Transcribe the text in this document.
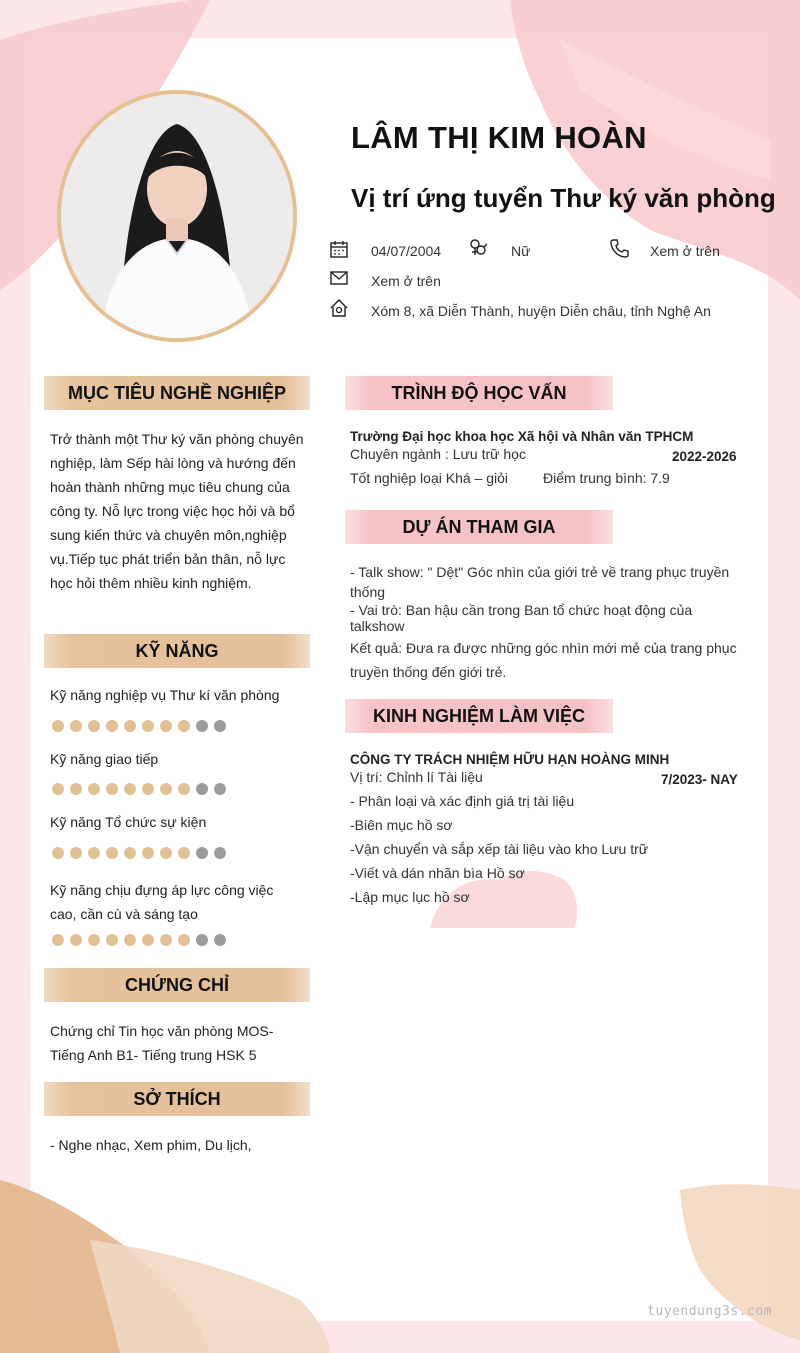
LÂM THỊ KIM HOÀN
Vị trí ứng tuyển Thư ký văn phòng
04/07/2004	Nữ	Xem ở trên
Xem ở trên
Xóm 8, xã Diễn Thành, huyện Diễn châu, tỉnh Nghệ An
MỤC TIÊU NGHỀ NGHIỆP
Trở thành một Thư ký văn phòng chuyên
nghiệp, làm Sếp hài lòng và hướng đến
hoàn thành những mục tiêu chung của
công ty. Nỗ lực trong việc học hỏi và bổ
sung kiến thức và chuyên môn,nghiệp
vụ.Tiếp tục phát triển bản thân, nỗ lực
học hỏi thêm nhiều kinh nghiệm.
KỸ NĂNG
Kỹ năng nghiệp vụ Thư kí văn phòng
Kỹ năng giao tiếp
Kỹ năng Tổ chức sự kiện
Kỹ năng chịu đựng áp lực công việc
cao, cần cù và sáng tạo
CHỨNG CHỈ
Chứng chỉ Tin học văn phòng MOS-
Tiếng Anh B1- Tiếng trung HSK 5
SỞ THÍCH
- Nghe nhạc, Xem phim, Du lịch,
TRÌNH ĐỘ HỌC VẤN
Trường Đại học khoa học Xã hội và Nhân văn TPHCM
Chuyên ngành : Lưu trữ học	2022-2026
Tốt nghiệp loại Khá – giỏi	Điểm trung bình: 7.9
DỰ ÁN THAM GIA
- Talk show: " Dệt" Góc nhìn của giới trẻ về trang phục truyền
thống
- Vai trò: Ban hậu cần trong Ban tổ chức hoạt động của
talkshow
Kết quả: Đưa ra được những góc nhìn mới mẻ của trang phục
truyền thống đến giới trẻ.
KINH NGHIỆM LÀM VIỆC
CÔNG TY TRÁCH NHIỆM HỮU HẠN HOÀNG MINH
Vị trí: Chỉnh lí Tài liệu	7/2023- NAY
- Phân loại và xác định giá trị tài liệu
-Biên mục hồ sơ
-Vận chuyển và sắp xếp tài liệu vào kho Lưu trữ
-Viết và dán nhãn bìa Hồ sơ
-Lập mục lục hồ sơ
tuyendung3s.com
